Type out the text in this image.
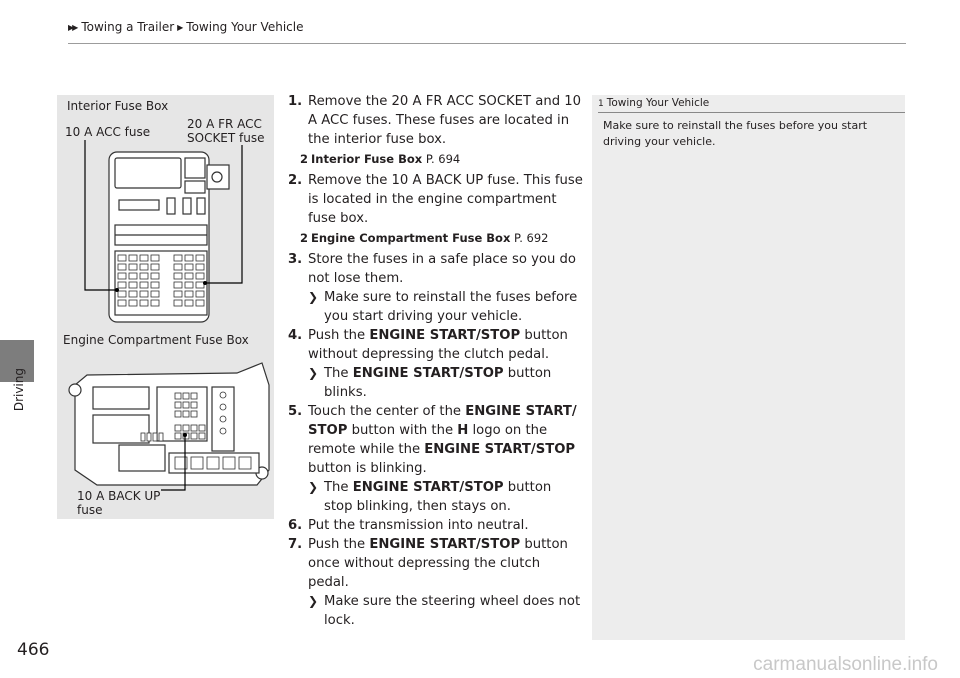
▶▶ Towing a Trailer ▶ Towing Your Vehicle
Driving
466
Interior Fuse Box
10 A ACC fuse
20 A FR ACC
SOCKET fuse
Engine Compartment Fuse Box
10 A BACK UP
fuse
1. Remove the 20 A FR ACC SOCKET and 10 A ACC fuses. These fuses are located in the interior fuse box.
2 Interior Fuse Box P. 694
2. Remove the 10 A BACK UP fuse. This fuse is located in the engine compartment fuse box.
2 Engine Compartment Fuse Box P. 692
3. Store the fuses in a safe place so you do not lose them.
❯ Make sure to reinstall the fuses before you start driving your vehicle.
4. Push the ENGINE START/STOP button without depressing the clutch pedal.
❯ The ENGINE START/STOP button blinks.
5. Touch the center of the ENGINE START/ STOP button with the H logo on the remote while the ENGINE START/STOP button is blinking.
❯ The ENGINE START/STOP button stop blinking, then stays on.
6. Put the transmission into neutral.
7. Push the ENGINE START/STOP button once without depressing the clutch pedal.
❯ Make sure the steering wheel does not lock.
1 Towing Your Vehicle
Make sure to reinstall the fuses before you start driving your vehicle.
carmanualsonline.info
